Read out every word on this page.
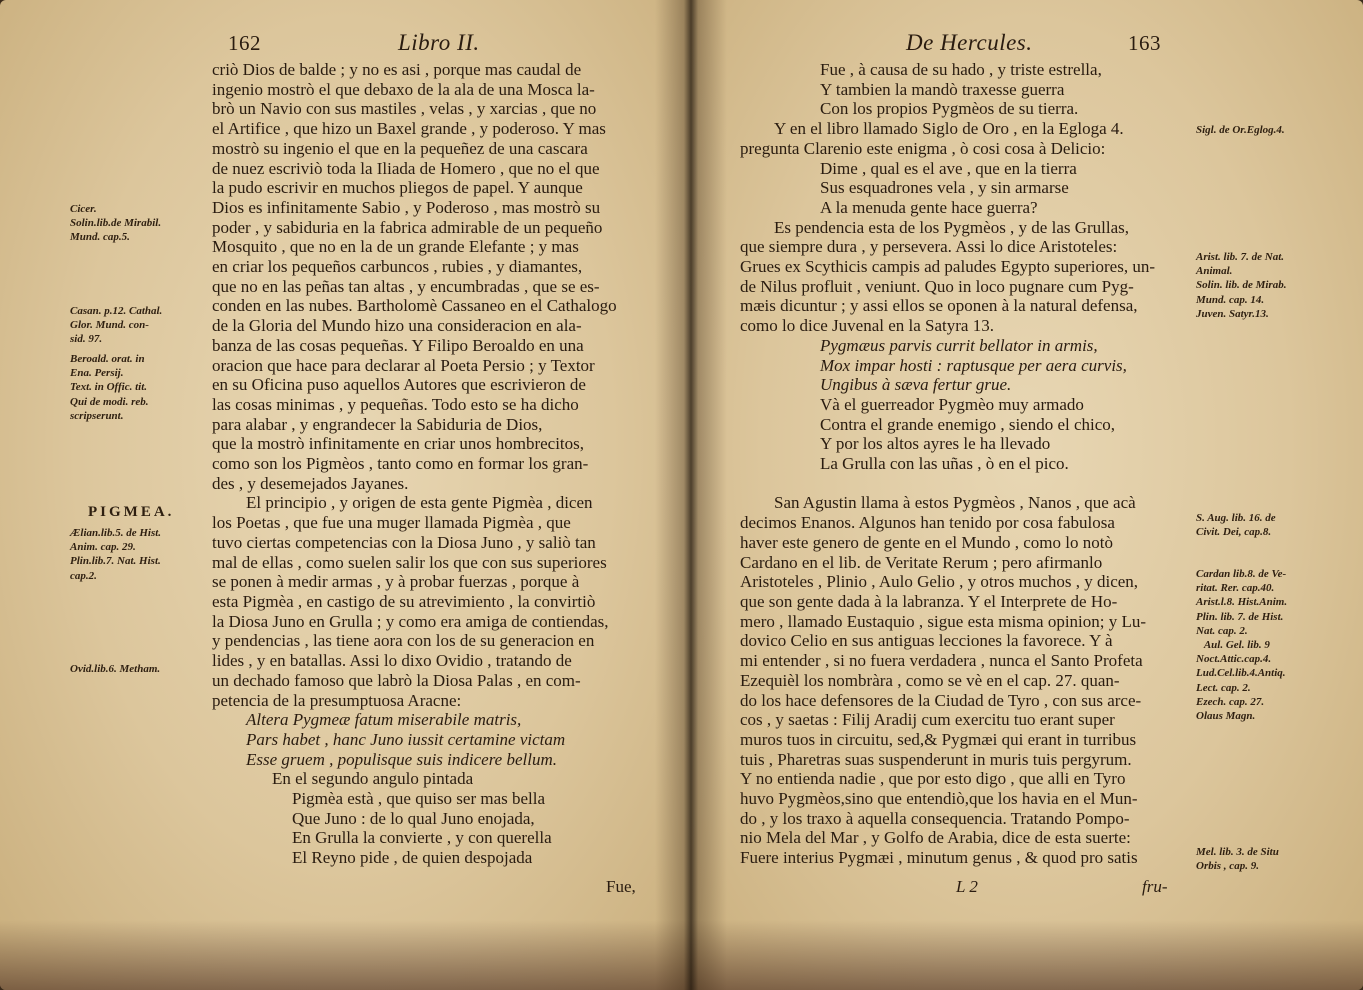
162	Libro II.
criò Dios de balde ; y no es asi , porque mas caudal de
ingenio mostrò el que debaxo de la ala de una Mosca la-
brò un Navio con sus mastiles , velas , y xarcias , que no
el Artifice , que hizo un Baxel grande , y poderoso. Y mas
mostrò su ingenio el que en la pequeñez de una cascara
de nuez escriviò toda la Iliada de Homero , que no el que
la pudo escrivir en muchos pliegos de papel. Y aunque
Dios es infinitamente Sabio , y Poderoso , mas mostrò su
poder , y sabiduria en la fabrica admirable de un pequeño
Mosquito , que no en la de un grande Elefante ; y mas
en criar los pequeños carbuncos , rubies , y diamantes,
que no en las peñas tan altas , y encumbradas , que se es-
conden en las nubes. Bartholomè Cassaneo en el Cathalogo
de la Gloria del Mundo hizo una consideracion en ala-
banza de las cosas pequeñas. Y Filipo Beroaldo en una
oracion que hace para declarar al Poeta Persio ; y Textor
en su Oficina puso aquellos Autores que escrivieron de
las cosas minimas , y pequeñas. Todo esto se ha dicho
para alabar , y engrandecer la Sabiduria de Dios,
que la mostrò infinitamente en criar unos hombrecitos,
como son los Pigmèos , tanto como en formar los gran-
des , y desemejados Jayanes.
El principio , y origen de esta gente Pigmèa , dicen
los Poetas , que fue una muger llamada Pigmèa , que
tuvo ciertas competencias con la Diosa Juno , y saliò tan
mal de ellas , como suelen salir los que con sus superiores
se ponen à medir armas , y à probar fuerzas , porque à
esta Pigmèa , en castigo de su atrevimiento , la convirtiò
la Diosa Juno en Grulla ; y como era amiga de contiendas,
y pendencias , las tiene aora con los de su generacion en
lides , y en batallas. Assi lo dixo Ovidio , tratando de
un dechado famoso que labrò la Diosa Palas , en com-
petencia de la presumptuosa Aracne:
Altera Pygmeæ fatum miserabile matris,
Pars habet , hanc Juno iussit certamine victam
Esse gruem , populisque suis indicere bellum.
En el segundo angulo pintada
Pigmèa està , que quiso ser mas bella
Que Juno : de lo qual Juno enojada,
En Grulla la convierte , y con querella
El Reyno pide , de quien despojada
Cicer.
Solin.lib.de Mirabil.
Mund. cap.5.
Casan. p.12. Cathal.
Glor. Mund. con-
sid. 97.
Beroald. orat. in
Ena. Persij.
Text. in Offic. tit.
Qui de modi. reb.
scripserunt.
PIGMEA.
Ælian.lib.5. de Hist.
Anim. cap. 29.
Plin.lib.7. Nat. Hist.
cap.2.
Ovid.lib.6. Metham.
Fue,
De Hercules.	163
Fue , à causa de su hado , y triste estrella,
Y tambien la mandò traxesse guerra
Con los propios Pygmèos de su tierra.
Y en el libro llamado Siglo de Oro , en la Egloga 4.
pregunta Clarenio este enigma , ò cosi cosa à Delicio:
Dime , qual es el ave , que en la tierra
Sus esquadrones vela , y sin armarse
A la menuda gente hace guerra?
Es pendencia esta de los Pygmèos , y de las Grullas,
que siempre dura , y persevera. Assi lo dice Aristoteles:
Grues ex Scythicis campis ad paludes Egypto superiores, un-
de Nilus profluit , veniunt. Quo in loco pugnare cum Pyg-
mæis dicuntur ; y assi ellos se oponen à la natural defensa,
como lo dice Juvenal en la Satyra 13.
Pygmæus parvis currit bellator in armis,
Mox impar hosti : raptusque per aera curvis,
Ungibus à sæva fertur grue.
Và el guerreador Pygmèo muy armado
Contra el grande enemigo , siendo el chico,
Y por los altos ayres le ha llevado
La Grulla con las uñas , ò en el pico.

San Agustin llama à estos Pygmèos , Nanos , que acà
decimos Enanos. Algunos han tenido por cosa fabulosa
haver este genero de gente en el Mundo , como lo notò
Cardano en el lib. de Veritate Rerum ; pero afirmanlo
Aristoteles , Plinio , Aulo Gelio , y otros muchos , y dicen,
que son gente dada à la labranza. Y el Interprete de Ho-
mero , llamado Eustaquio , sigue esta misma opinion; y Lu-
dovico Celio en sus antiguas lecciones la favorece. Y à
mi entender , si no fuera verdadera , nunca el Santo Profeta
Ezequièl los nombràra , como se vè en el cap. 27. quan-
do los hace defensores de la Ciudad de Tyro , con sus arce-
cos , y saetas : Filij Aradij cum exercitu tuo erant super
muros tuos in circuitu, sed,& Pygmæi qui erant in turribus
tuis , Pharetras suas suspenderunt in muris tuis pergyrum.
Y no entienda nadie , que por esto digo , que alli en Tyro
huvo Pygmèos,sino que entendiò,que los havia en el Mun-
do , y los traxo à aquella consequencia. Tratando Pompo-
nio Mela del Mar , y Golfo de Arabia, dice de esta suerte:
Fuere interius Pygmæi , minutum genus , & quod pro satis
Sigl. de Or.Eglog.4.
Arist. lib. 7. de Nat.
Animal.
Solin. lib. de Mirab.
Mund. cap. 14.
Juven. Satyr.13.
S. Aug. lib. 16. de
Civit. Dei, cap.8.
Cardan lib.8. de Ve-
ritat. Rer. cap.40.
Arist.l.8. Hist.Anim.
Plin. lib. 7. de Hist.
Nat. cap. 2.
Aul. Gel. lib. 9
Noct.Attic.cap.4.
Lud.Cel.lib.4.Antiq.
Lect. cap. 2.
Ezech. cap. 27.
Olaus Magn.
Mel. lib. 3. de Situ
Orbis , cap. 9.
L 2	fru-
